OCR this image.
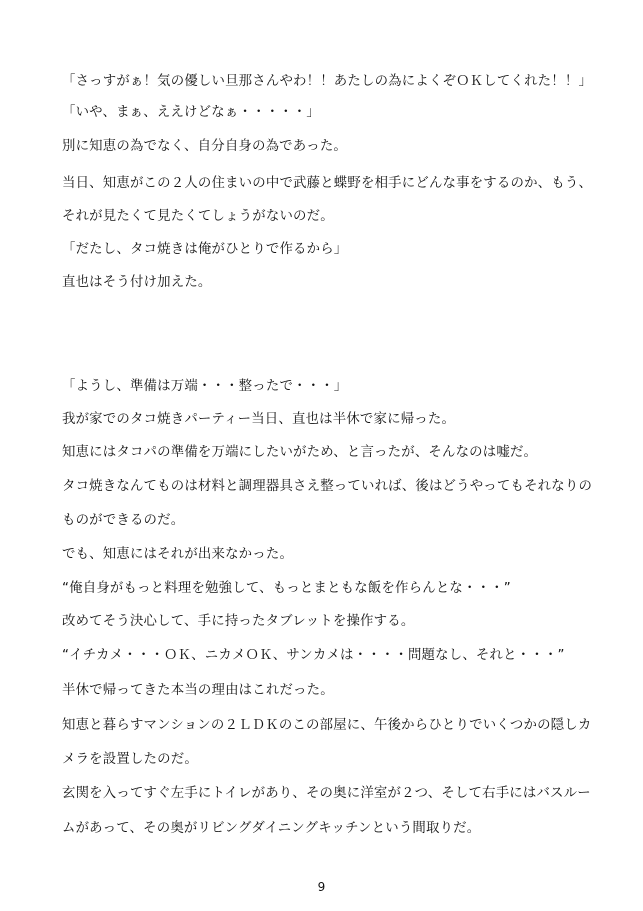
「さっすがぁ！気の優しい旦那さんやわ！！あたしの為によくぞＯＫしてくれた！！」
「いや、まぁ、ええけどなぁ・・・・・」
別に知恵の為でなく、自分自身の為であった。
当日、知恵がこの２人の住まいの中で武藤と蝶野を相手にどんな事をするのか、もう、
それが見たくて見たくてしょうがないのだ。
「だたし、タコ焼きは俺がひとりで作るから」
直也はそう付け加えた。
「ようし、準備は万端・・・整ったで・・・」
我が家でのタコ焼きパーティー当日、直也は半休で家に帰った。
知恵にはタコパの準備を万端にしたいがため、と言ったが、そんなのは嘘だ。
タコ焼きなんてものは材料と調理器具さえ整っていれば、後はどうやってもそれなりの
ものができるのだ。
でも、知恵にはそれが出来なかった。
“俺自身がもっと料理を勉強して、もっとまともな飯を作らんとな・・・”
改めてそう決心して、手に持ったタブレットを操作する。
“イチカメ・・・ＯＫ、ニカメＯＫ、サンカメは・・・・問題なし、それと・・・”
半休で帰ってきた本当の理由はこれだった。
知恵と暮らすマンションの２ＬＤＫのこの部屋に、午後からひとりでいくつかの隠しカ
メラを設置したのだ。
玄関を入ってすぐ左手にトイレがあり、その奥に洋室が２つ、そして右手にはバスルー
ムがあって、その奥がリビングダイニングキッチンという間取りだ。
9
